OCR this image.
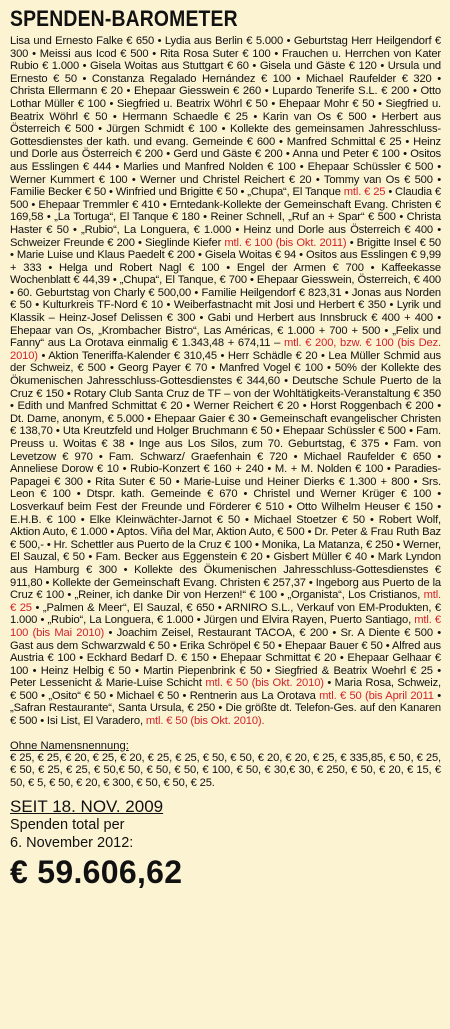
SPENDEN-BAROMETER
Lisa und Ernesto Falke € 650 • Lydia aus Berlin € 5.000 • Geburtstag Herr Heilgendorf € 300 • Meissi aus Icod € 500 • Rita Rosa Suter € 100 • Frauchen u. Herrchen von Kater Rubio € 1.000 • Gisela Woitas aus Stuttgart € 60 • Gisela und Gäste € 120 • Ursula und Ernesto € 50 • Constanza Regalado Hernández € 100 • Michael Raufelder € 320 • Christa Ellermann € 20 • Ehepaar Giesswein € 260 • Lupardo Tenerife S.L. € 200 • Otto Lothar Müller € 100 • Siegfried u. Beatrix Wöhrl € 50 • Ehepaar Mohr € 50 • Siegfried u. Beatrix Wöhrl € 50 • Hermann Schaedle € 25 • Karin van Os € 500 • Herbert aus Österreich € 500 • Jürgen Schmidt € 100 • Kollekte des gemeinsamen Jahresschluss-Gottesdienstes der kath. und evang. Gemeinde € 600 • Manfred Schmittal € 25 • Heinz und Dorle aus Österreich € 200 • Gerd und Gäste € 200 • Anna und Peter € 100 • Ositos aus Esslingen € 444 • Marlies und Manfred Nolden € 100 • Ehepaar Schüssler € 500 • Werner Kummert € 100 • Werner und Christel Reichert € 20 • Tommy van Os € 500 • Familie Becker € 50 • Winfried und Brigitte € 50 • „Chupa“, El Tanque mtl. € 25 • Claudia € 500 • Ehepaar Tremmler € 410 • Erntedank-Kollekte der Gemeinschaft Evang. Christen € 169,58 • „La Tortuga“, El Tanque € 180 • Reiner Schnell, „Ruf an + Spar“ € 500 • Christa Haster € 50 • „Rubio“, La Longuera, € 1.000 • Heinz und Dorle aus Österreich € 400 • Schweizer Freunde € 200 • Sieglinde Kiefer mtl. € 100 (bis Okt. 2011) • Brigitte Insel € 50 • Marie Luise und Klaus Paedelt € 200 • Gisela Woitas € 94 • Ositos aus Esslingen € 9,99 + 333 • Helga und Robert Nagl € 100 • Engel der Armen € 700 • Kaffeekasse Wochenblatt € 44,39 • „Chupa“, El Tanque, € 700 • Ehepaar Giesswein, Österreich, € 400 • 60. Geburtstag von Charly € 500,00 • Familie Heilgendorf € 823,31 • Jonas aus Norden € 50 • Kulturkreis TF-Nord € 10 • Weiberfastnacht mit Josi und Herbert € 350 • Lyrik und Klassik – Heinz-Josef Delissen € 300 • Gabi und Herbert aus Innsbruck € 400 + 400 • Ehepaar van Os, „Krombacher Bistro“, Las Américas, € 1.000 + 700 + 500 • „Felix und Fanny“ aus La Orotava einmalig € 1.343,48 + 674,11 – mtl. € 200, bzw. € 100 (bis Dez. 2010) • Aktion Teneriffa-Kalender € 310,45 • Herr Schädle € 20 • Lea Müller Schmid aus der Schweiz, € 500 • Georg Payer € 70 • Manfred Vogel € 100 • 50% der Kollekte des Ökumenischen Jahresschluss-Gottesdienstes € 344,60 • Deutsche Schule Puerto de la Cruz € 150 • Rotary Club Santa Cruz de TF – von der Wohltätigkeits-Veranstaltung € 350 • Edith und Manfred Schmittat € 20 • Werner Reichert € 20 • Horst Roggenbach € 200 • Dt. Dame, anonym, € 5.000 • Ehepaar Gaier € 30 • Gemeinschaft evangelischer Christen € 138,70 • Uta Kreutzfeld und Holger Bruchmann € 50 • Ehepaar Schüssler € 500 • Fam. Preuss u. Woitas € 38 • Inge aus Los Silos, zum 70. Geburtstag, € 375 • Fam. von Levetzow € 970 • Fam. Schwarz/ Graefenhain € 720 • Michael Raufelder € 650 • Anneliese Dorow € 10 • Rubio-Konzert € 160 + 240 • M. + M. Nolden € 100 • Paradies-Papagei € 300 • Rita Suter € 50 • Marie-Luise und Heiner Dierks € 1.300 + 800 • Srs. Leon € 100 • Dtspr. kath. Gemeinde € 670 • Christel und Werner Krüger € 100 • Losverkauf beim Fest der Freunde und Förderer € 510 • Otto Wilhelm Heuser € 150 • E.H.B. € 100 • Elke Kleinwächter-Jarnot € 50 • Michael Stoetzer € 50 • Robert Wolf, Aktion Auto, € 1.000 • Aptos. Viña del Mar, Aktion Auto, € 500 • Dr. Peter & Frau Ruth Baz € 500,- • Hr. Schettler aus Puerto de la Cruz € 100 • Monika, La Matanza, € 250 • Werner, El Sauzal, € 50 • Fam. Becker aus Eggenstein € 20 • Gisbert Müller € 40 • Mark Lyndon aus Hamburg € 300 • Kollekte des Ökumenischen Jahresschluss-Gottesdienstes € 911,80 • Kollekte der Gemeinschaft Evang. Christen € 257,37 • Ingeborg aus Puerto de la Cruz € 100 • „Reiner, ich danke Dir von Herzen!“ € 100 • „Organista“, Los Cristianos, mtl. € 25 • „Palmen & Meer“, El Sauzal, € 650 • ARNIRO S.L., Verkauf von EM-Produkten, € 1.000 • „Rubio“, La Longuera, € 1.000 • Jürgen und Elvira Rayen, Puerto Santiago, mtl. € 100 (bis Mai 2010) • Joachim Zeisel, Restaurant TACOA, € 200 • Sr. A Diente € 500 • Gast aus dem Schwarzwald € 50 • Erika Schröpel € 50 • Ehepaar Bauer € 50 • Alfred aus Austria € 100 • Eckhard Bedarf D. € 150 • Ehepaar Schmittat € 20 • Ehepaar Gelhaar € 100 • Heinz Helbig € 50 • Martin Piepenbrink € 50 • Siegfried & Beatrix Woehrl € 25 • Peter Lessenicht & Marie-Luise Schicht mtl. € 50 (bis Okt. 2010) • Maria Rosa, Schweiz, € 500 • „Osito“ € 50 • Michael € 50 • Rentnerin aus La Orotava mtl. € 50 (bis April 2011 • „Safran Restaurante“, Santa Ursula, € 250 • Die größte dt. Telefon-Ges. auf den Kanaren € 500 • Isi List, El Varadero, mtl. € 50 (bis Okt. 2010).
Ohne Namensnennung:
€ 25, € 25, € 20, € 25, € 20, € 25, € 25, € 50, € 50, € 20, € 20, € 25, € 335,85, € 50, € 25, € 50, € 25, € 25, € 50,€ 50, € 50, € 50, € 100, € 50, € 30,€ 30, € 250, € 50, € 20, € 15, € 50, € 5, € 50, € 20, € 300, € 50, € 50, € 25.
SEIT 18. NOV. 2009
Spenden total per
6. November 2012:
€ 59.606,62
